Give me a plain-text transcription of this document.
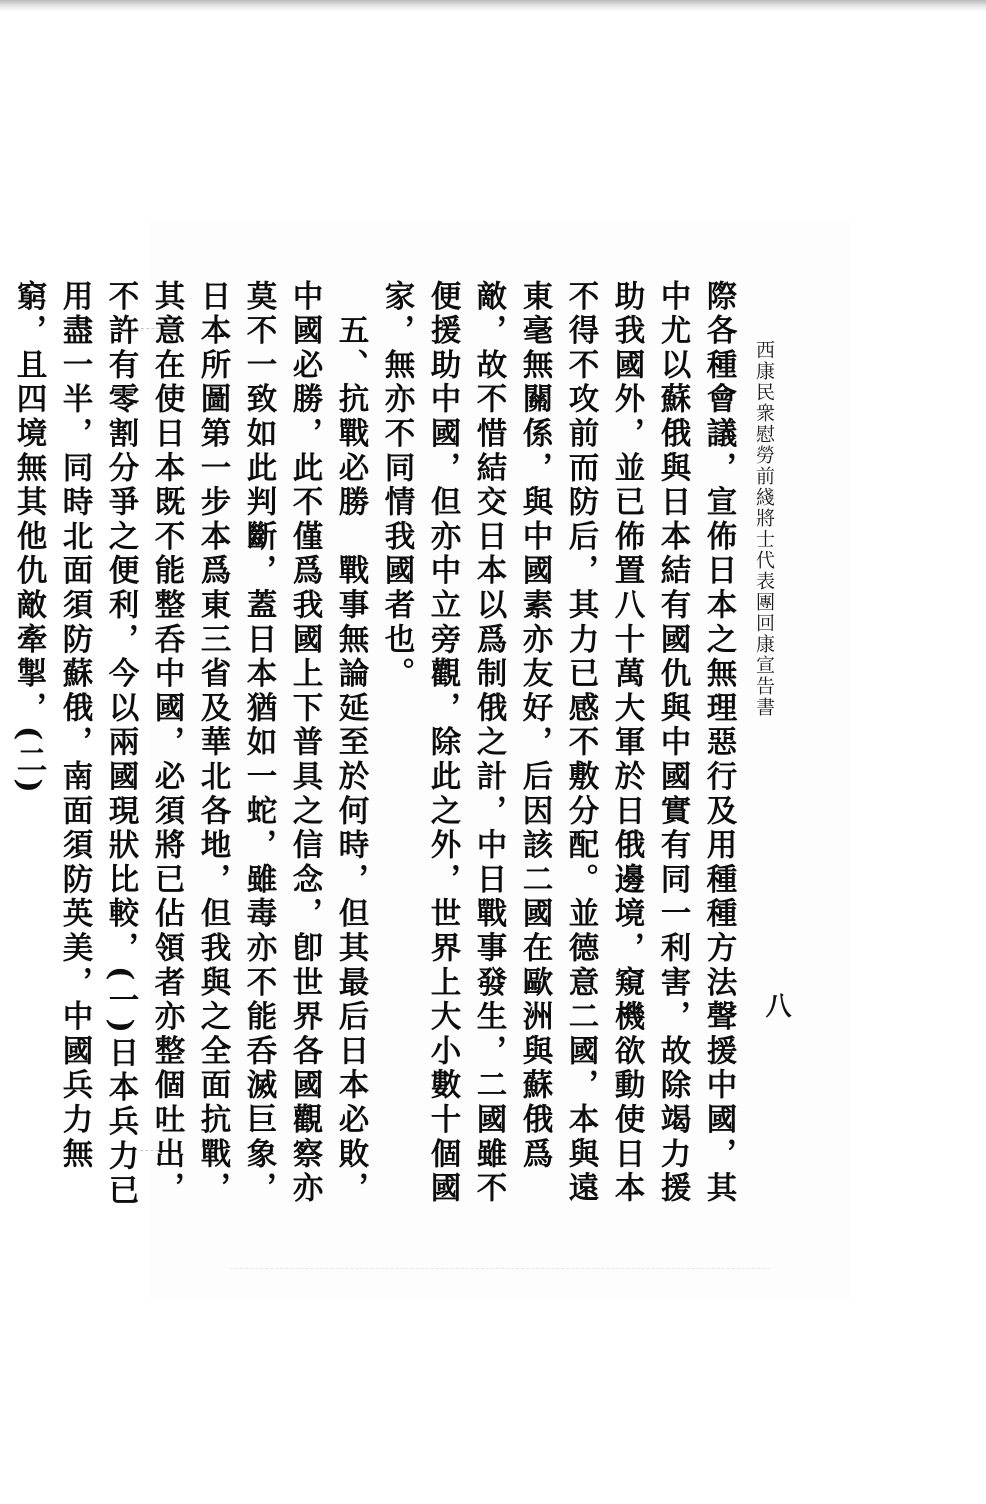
西康民衆慰勞前綫將士代表團回康宣告書
八

際各種會議，宣佈日本之無理惡行及用種種方法聲援中國，其中尤以蘇俄與日本結有國仇與中國實有同一利害，故除竭力援助我國外，並已佈置八十萬大軍於日俄邊境，窺機欲動使日本不得不攻前而防后，其力已感不敷分配。並德意二國，本與遠東毫無關係，與中國素亦友好，后因該二國在歐洲與蘇俄爲敵，故不惜結交日本以爲制俄之計，中日戰事發生，二國雖不便援助中國，但亦中立旁觀，除此之外，世界上大小數十個國家，無亦不同情我國者也。

　五、抗戰必勝　戰事無論延至於何時，但其最后日本必敗，中國必勝，此不僅爲我國上下普具之信念，卽世界各國觀察亦莫不一致如此判斷，蓋日本猶如一蛇，雖毒亦不能呑滅巨象，日本所圖第一步本爲東三省及華北各地，但我與之全面抗戰，其意在使日本既不能整呑中國，必須將已佔領者亦整個吐出，不許有零割分爭之便利，今以兩國現狀比較，(一)日本兵力已用盡一半，同時北面須防蘇俄，南面須防英美，中國兵力無窮，且四境無其他仇敵牽掣，(二)
